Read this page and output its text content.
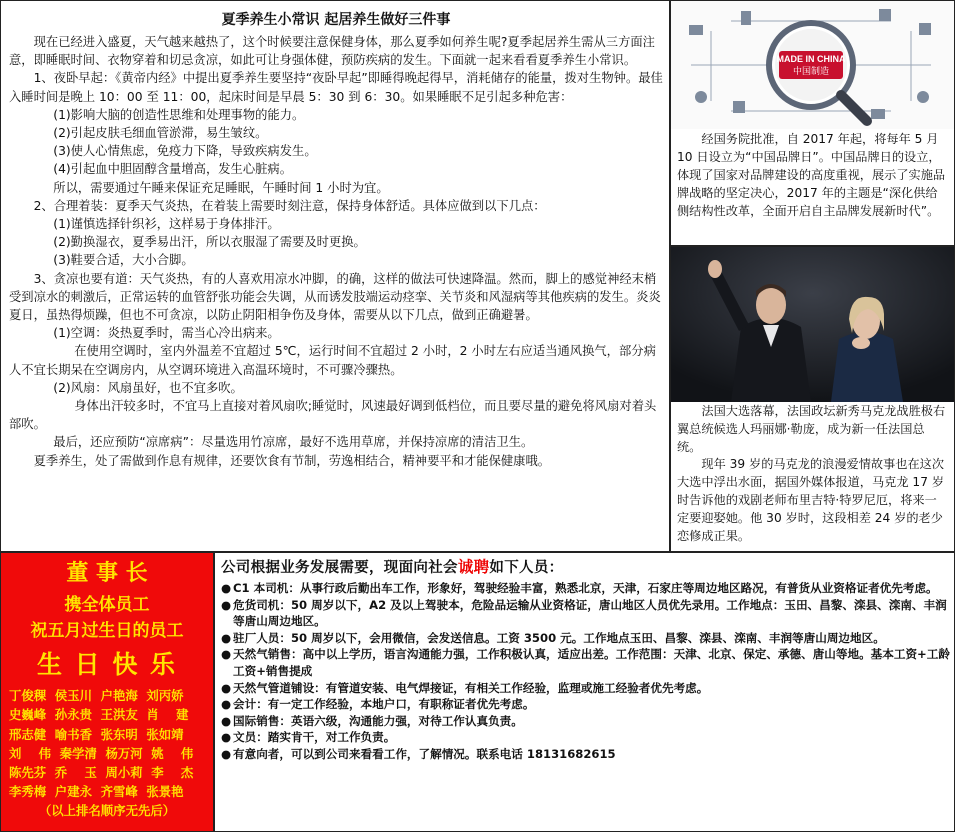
夏季养生小常识 起居养生做好三件事

现在已经进入盛夏，天气越来越热了，这个时候要注意保健身体，那么夏季如何养生呢?夏季起居养生需从三方面注意，即睡眠时间、衣物穿着和切忌贪凉，如此可让身强体健，预防疾病的发生。下面就一起来看看夏季养生小常识。

1、夜卧早起：《黄帝内经》中提出夏季养生要坚持“夜卧早起”即睡得晚起得早，消耗储存的能量，拨对生物钟。最佳入睡时间是晚上 10：00 至 11：00，起床时间是早晨 5：30 到 6：30。如果睡眠不足引起多种危害：

(1)影响大脑的创造性思维和处理事物的能力。

(2)引起皮肤毛细血管淤滞，易生皱纹。

(3)使人心情焦虑，免疫力下降，导致疾病发生。

(4)引起血中胆固醇含量增高，发生心脏病。

所以，需要通过午睡来保证充足睡眠，午睡时间 1 小时为宜。

2、合理着装：夏季天气炎热，在着装上需要时刻注意，保持身体舒适。具体应做到以下几点：

(1)谨慎选择针织衫，这样易于身体排汗。

(2)勤换湿衣，夏季易出汗，所以衣服湿了需要及时更换。

(3)鞋要合适，大小合脚。

3、贪凉也要有道：天气炎热，有的人喜欢用凉水冲脚，的确，这样的做法可快速降温。然而，脚上的感觉神经末梢受到凉水的刺激后，正常运转的血管舒张功能会失调，从而诱发肢端运动痉挛、关节炎和风湿病等其他疾病的发生。炎炎夏日，虽热得烦躁，但也不可贪凉，以防止阴阳相争伤及身体，需要从以下几点，做到正确避暑。

(1)空调：炎热夏季时，需当心冷出病来。

在使用空调时，室内外温差不宜超过 5℃，运行时间不宜超过 2 小时，2 小时左右应适当通风换气，部分病人不宜长期呆在空调房内，从空调环境进入高温环境时，不可骤冷骤热。

(2)风扇：风扇虽好，也不宜多吹。

身体出汗较多时，不宜马上直接对着风扇吹;睡觉时，风速最好调到低档位，而且要尽量的避免将风扇对着头部吹。

最后，还应预防“凉席病”：尽量选用竹凉席，最好不选用草席，并保持凉席的清洁卫生。

夏季养生，处了需做到作息有规律，还要饮食有节制，劳逸相结合，精神要平和才能保健康哦。

MADE IN CHINA
中国制造
经国务院批准，自 2017 年起，将每年 5 月 10 日设立为“中国品牌日”。中国品牌日的设立，体现了国家对品牌建设的高度重视，展示了实施品牌战略的坚定决心，2017 年的主题是“深化供给侧结构性改革，全面开启自主品牌发展新时代”。

法国大选落幕，法国政坛新秀马克龙战胜极右翼总统候选人玛丽娜·勒庞，成为新一任法国总统。

现年 39 岁的马克龙的浪漫爱情故事也在这次大选中浮出水面，据国外媒体报道，马克龙 17 岁时告诉他的戏剧老师布里吉特·特罗尼厄，将来一定要迎娶她。他 30 岁时，这段相差 24 岁的老少恋修成正果。

董 事 长
携全体员工
祝五月过生日的员工
生 日 快 乐
丁俊稞  侯玉川  户艳海  刘丙娇
史巍峰  孙永贵  王洪友  肖    建
邢志健  喻书香  张东明  张如靖
刘    伟  秦学清  杨万河  姚    伟
陈先芬  乔    玉  周小莉  李    杰
李秀梅  户建永  齐雪峰  张景艳
（以上排名顺序无先后）
公司根据业务发展需要，现面向社会诚聘如下人员：

● C1 本司机：从事行政后勤出车工作，形象好，驾驶经验丰富，熟悉北京，天津，石家庄等周边地区路况，有普货从业资格证者优先考虑。

● 危货司机：50 周岁以下，A2 及以上驾驶本，危险品运输从业资格证，唐山地区人员优先录用。工作地点：玉田、昌黎、滦县、滦南、丰润等唐山周边地区。

● 驻厂人员：50 周岁以下，会用微信，会发送信息。工资 3500 元。工作地点玉田、昌黎、滦县、滦南、丰润等唐山周边地区。

● 天然气销售：高中以上学历，语言沟通能力强，工作积极认真，适应出差。工作范围：天津、北京、保定、承德、唐山等地。基本工资+工龄工资+销售提成

● 天然气管道铺设：有管道安装、电气焊接证，有相关工作经验，监理或施工经验者优先考虑。

● 会计：有一定工作经验，本地户口，有职称证者优先考虑。

● 国际销售：英语六级，沟通能力强，对待工作认真负责。

● 文员：踏实肯干，对工作负责。

● 有意向者，可以到公司来看看工作，了解情况。联系电话 18131682615
